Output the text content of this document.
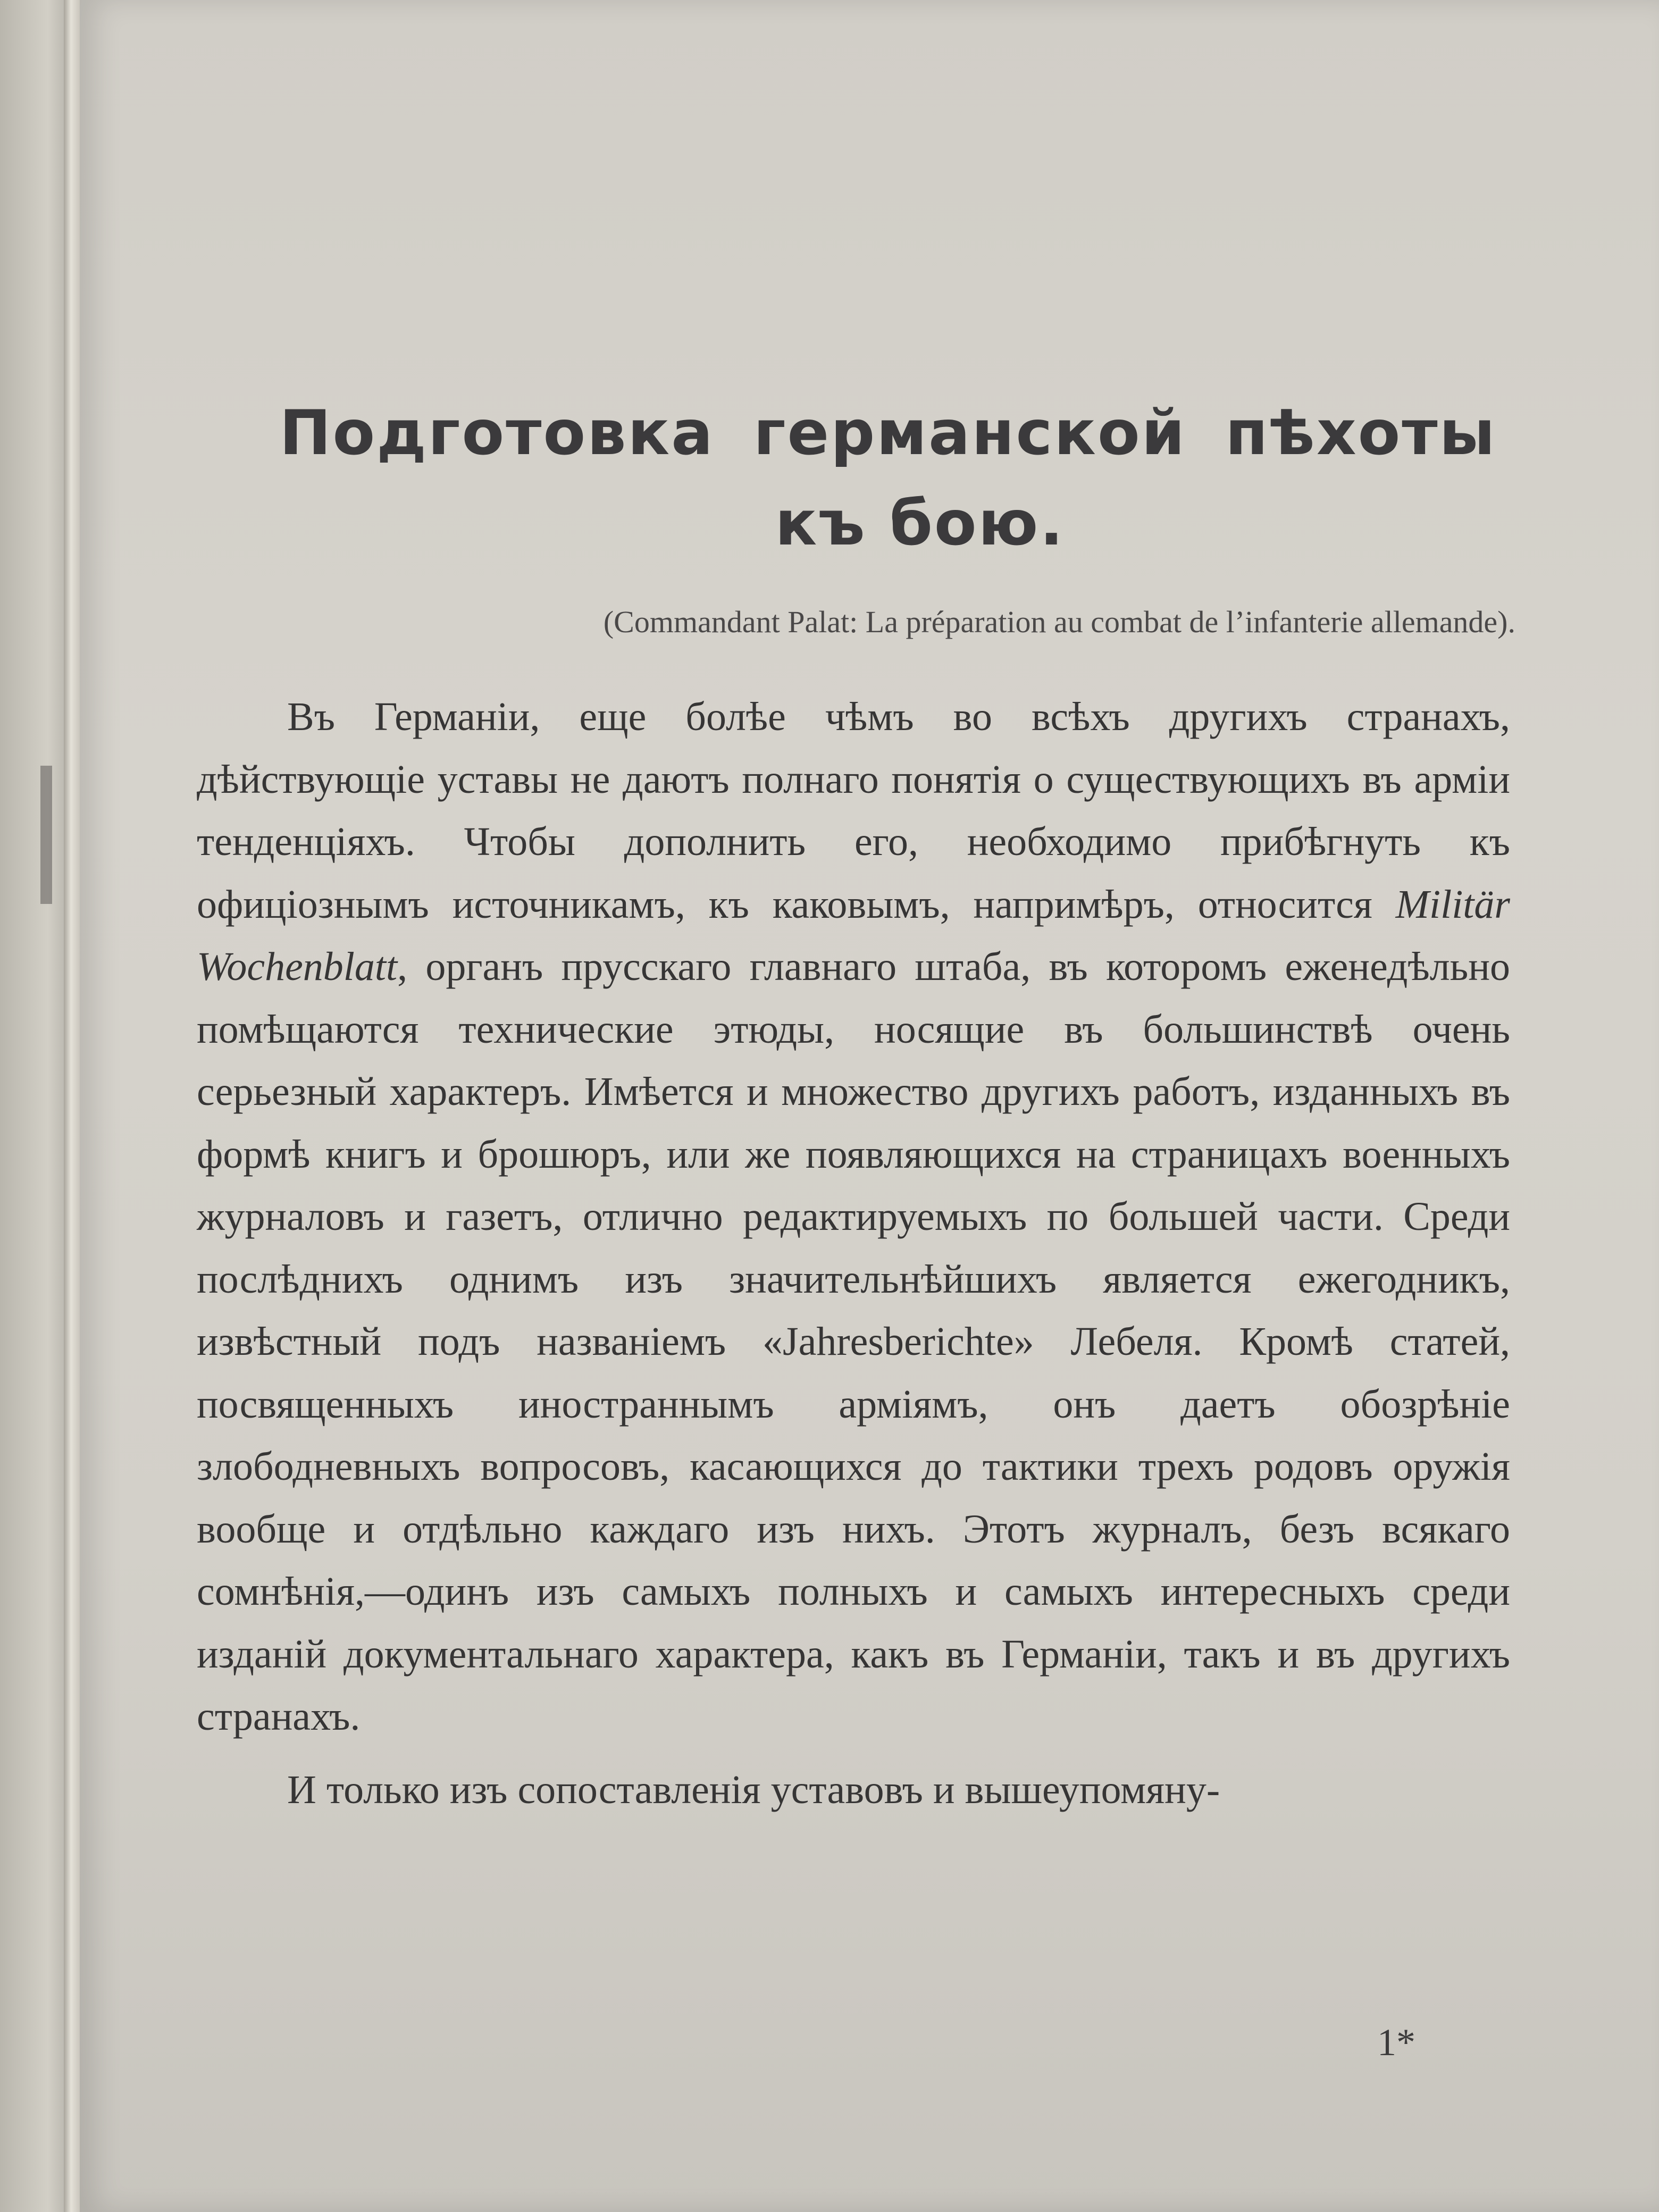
Подготовка германской пѣхоты
къ бою.
(Commandant Palat: La préparation au combat de l’infanterie allemande).

Въ Германіи, еще болѣе чѣмъ во всѣхъ другихъ странахъ, дѣйствующіе уставы не даютъ полнаго понятія о существующихъ въ арміи тенденціяхъ. Чтобы дополнить его, необходимо прибѣгнуть къ офиціознымъ источникамъ, къ каковымъ, напримѣръ, относится Militär Wochenblatt, органъ прусскаго главнаго штаба, въ которомъ еженедѣльно помѣщаются технические этюды, носящие въ большинствѣ очень серьезный характеръ. Имѣется и множество другихъ работъ, изданныхъ въ формѣ книгъ и брошюръ, или же появляющихся на страницахъ военныхъ журналовъ и газетъ, отлично редактируемыхъ по большей части. Среди послѣднихъ однимъ изъ значительнѣйшихъ является ежегодникъ, извѣстный подъ названіемъ «Jahresberichte» Лебеля. Кромѣ статей, посвященныхъ иностраннымъ арміямъ, онъ даетъ обозрѣніе злободневныхъ вопросовъ, касающихся до тактики трехъ родовъ оружія вообще и отдѣльно каждаго изъ нихъ. Этотъ журналъ, безъ всякаго сомнѣнія,—одинъ изъ самыхъ полныхъ и самыхъ интересныхъ среди изданій документальнаго характера, какъ въ Германіи, такъ и въ другихъ странахъ.

И только изъ сопоставленія уставовъ и вышеупомяну-

1*
